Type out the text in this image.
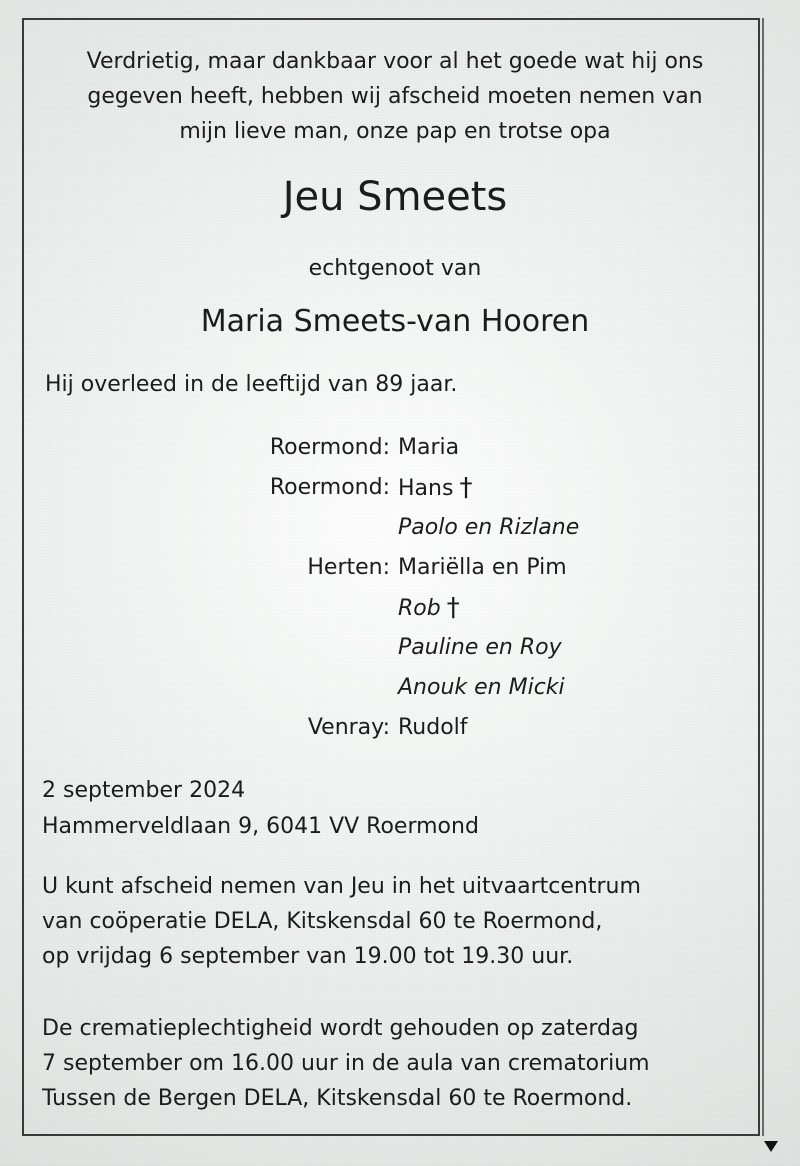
Verdrietig, maar dankbaar voor al het goede wat hij ons
gegeven heeft, hebben wij afscheid moeten nemen van
mijn lieve man, onze pap en trotse opa
Jeu Smeets
echtgenoot van
Maria Smeets-van Hooren
Hij overleed in de leeftijd van 89 jaar.
Roermond: Maria
Roermond: Hans †
Paolo en Rizlane
Herten: Mariëlla en Pim
Rob †
Pauline en Roy
Anouk en Micki
Venray: Rudolf
2 september 2024
Hammerveldlaan 9, 6041 VV Roermond
U kunt afscheid nemen van Jeu in het uitvaartcentrum
van coöperatie DELA, Kitskensdal 60 te Roermond,
op vrijdag 6 september van 19.00 tot 19.30 uur.
De crematieplechtigheid wordt gehouden op zaterdag
7 september om 16.00 uur in de aula van crematorium
Tussen de Bergen DELA, Kitskensdal 60 te Roermond.
